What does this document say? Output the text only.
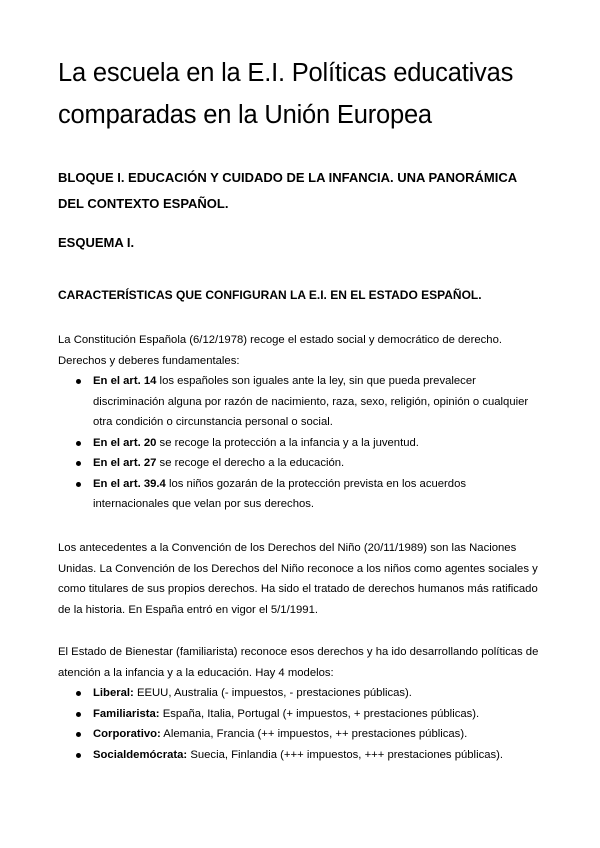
La escuela en la E.I. Políticas educativas comparadas en la Unión Europea
BLOQUE I. EDUCACIÓN Y CUIDADO DE LA INFANCIA. UNA PANORÁMICA DEL CONTEXTO ESPAÑOL.
ESQUEMA I.
CARACTERÍSTICAS QUE CONFIGURAN LA E.I. EN EL ESTADO ESPAÑOL.

La Constitución Española (6/12/1978) recoge el estado social y democrático de derecho. Derechos y deberes fundamentales:

En el art. 14 los españoles son iguales ante la ley, sin que pueda prevalecer discriminación alguna por razón de nacimiento, raza, sexo, religión, opinión o cualquier otra condición o circunstancia personal o social.
En el art. 20 se recoge la protección a la infancia y a la juventud.
En el art. 27 se recoge el derecho a la educación.
En el art. 39.4 los niños gozarán de la protección prevista en los acuerdos internacionales que velan por sus derechos.

Los antecedentes a la Convención de los Derechos del Niño (20/11/1989) son las Naciones Unidas. La Convención de los Derechos del Niño reconoce a los niños como agentes sociales y como titulares de sus propios derechos. Ha sido el tratado de derechos humanos más ratificado de la historia. En España entró en vigor el 5/1/1991.

El Estado de Bienestar (familiarista) reconoce esos derechos y ha ido desarrollando políticas de atención a la infancia y a la educación. Hay 4 modelos:

Liberal: EEUU, Australia (- impuestos, - prestaciones públicas).
Familiarista: España, Italia, Portugal (+ impuestos, + prestaciones públicas).
Corporativo: Alemania, Francia (++ impuestos, ++ prestaciones públicas).
Socialdemócrata: Suecia, Finlandia (+++ impuestos, +++ prestaciones públicas).
